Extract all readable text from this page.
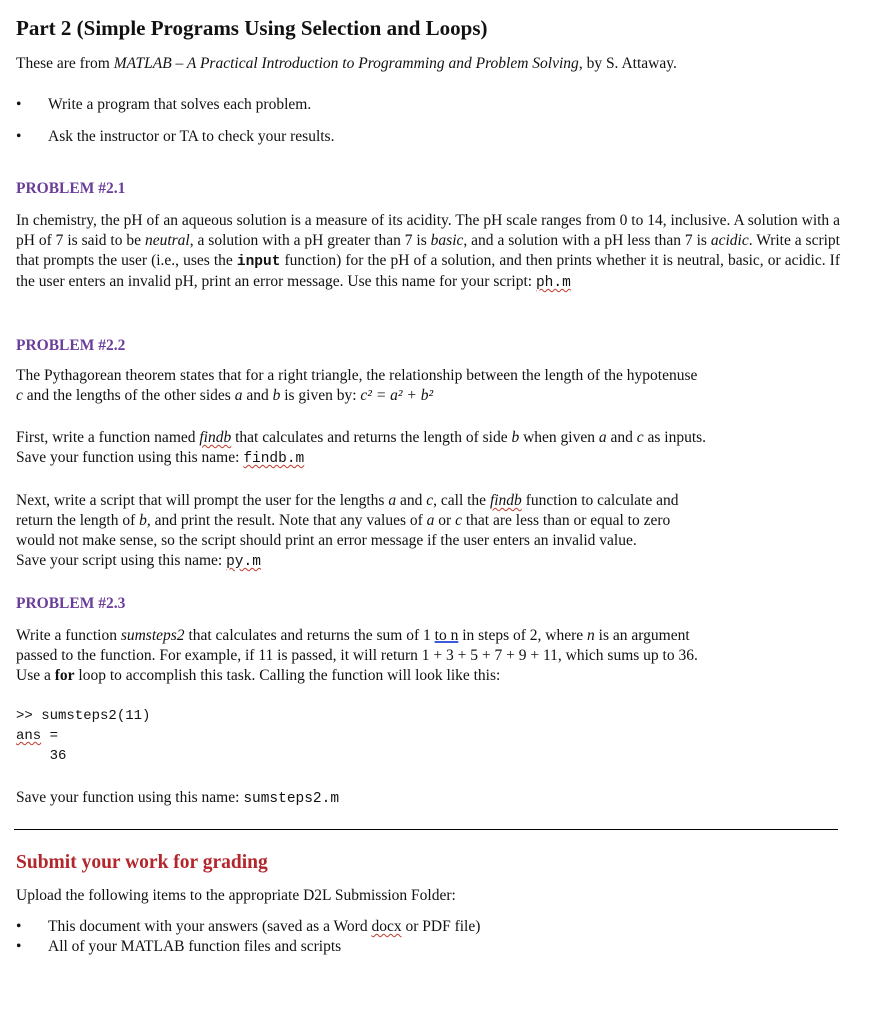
Part 2 (Simple Programs Using Selection and Loops)
These are from MATLAB – A Practical Introduction to Programming and Problem Solving, by S. Attaway.
• Write a program that solves each problem.
• Ask the instructor or TA to check your results.
PROBLEM #2.1
In chemistry, the pH of an aqueous solution is a measure of its acidity. The pH scale ranges from 0 to 14, inclusive. A solution with a pH of 7 is said to be neutral, a solution with a pH greater than 7 is basic, and a solution with a pH less than 7 is acidic. Write a script that prompts the user (i.e., uses the input function) for the pH of a solution, and then prints whether it is neutral, basic, or acidic. If the user enters an invalid pH, print an error message. Use this name for your script: ph.m
PROBLEM #2.2
The Pythagorean theorem states that for a right triangle, the relationship between the length of the hypotenuse
c and the lengths of the other sides a and b is given by: c² = a² + b²
First, write a function named findb that calculates and returns the length of side b when given a and c as inputs.
Save your function using this name: findb.m
Next, write a script that will prompt the user for the lengths a and c, call the findb function to calculate and
return the length of b, and print the result. Note that any values of a or c that are less than or equal to zero
would not make sense, so the script should print an error message if the user enters an invalid value.
Save your script using this name: py.m
PROBLEM #2.3
Write a function sumsteps2 that calculates and returns the sum of 1 to n in steps of 2, where n is an argument
passed to the function. For example, if 11 is passed, it will return 1 + 3 + 5 + 7 + 9 + 11, which sums up to 36.
Use a for loop to accomplish this task. Calling the function will look like this:
>> sumsteps2(11)
ans =
36
Save your function using this name: sumsteps2.m
Submit your work for grading
Upload the following items to the appropriate D2L Submission Folder:
• This document with your answers (saved as a Word docx or PDF file)
• All of your MATLAB function files and scripts
